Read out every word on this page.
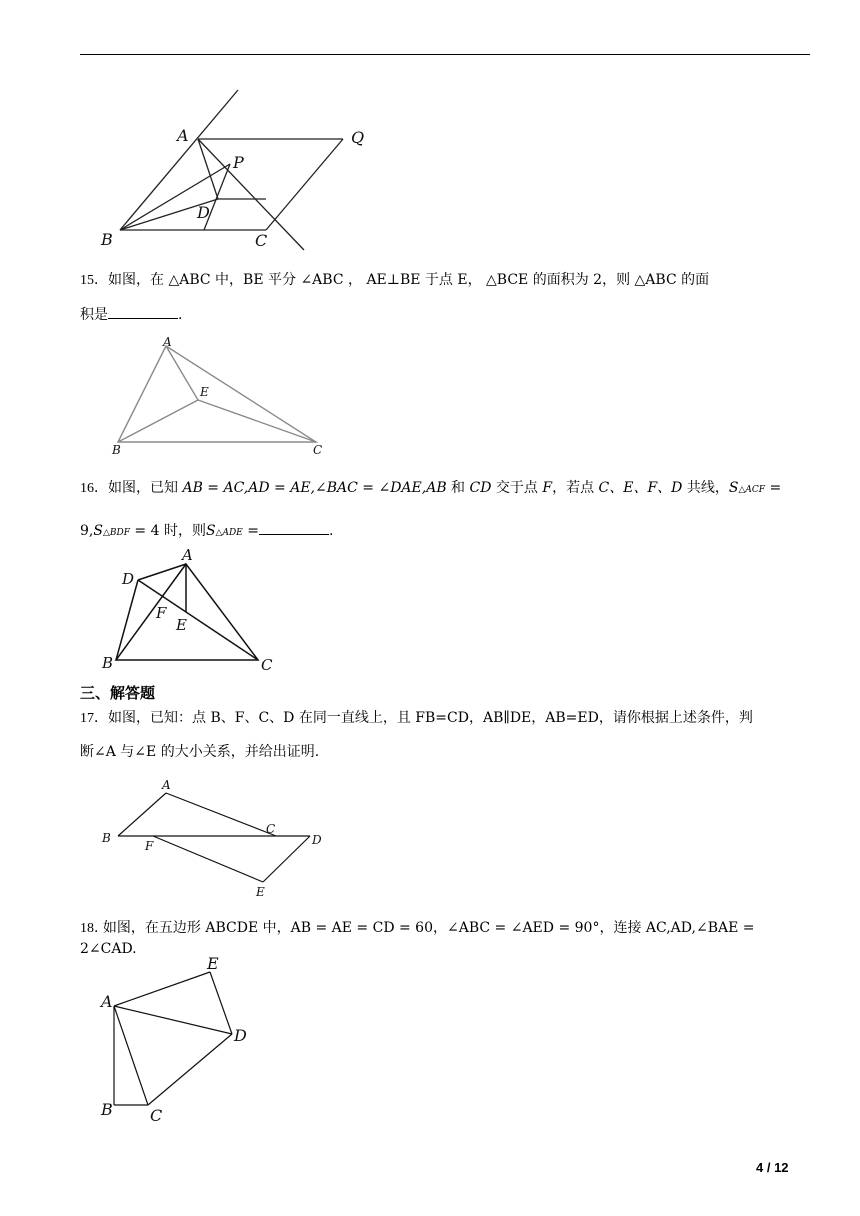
A	Q
P
D
B	C
15．如图，在 △ABC 中，BE 平分 ∠ABC ， AE⊥BE 于点 E， △BCE 的面积为 2，则 △ABC 的面
积是	.
A
E
B	C
16．如图，已知 AB = AC,AD = AE,∠BAC = ∠DAE,AB 和 CD 交于点 F，若点 C、E、F、D 共线，S△ACF =
9,S△BDF = 4 时，则S△ADE =	.
A
D
F
E
B	C
三、解答题
17．如图，已知：点 B、F、C、D 在同一直线上，且 FB=CD，AB∥DE，AB=ED，请你根据上述条件，判
断∠A 与∠E 的大小关系，并给出证明.
A
B
F
C
D
E
18. 如图，在五边形 ABCDE 中，AB = AE = CD = 60，∠ABC = ∠AED = 90°，连接 AC,AD,∠BAE = 2∠CAD.
E
A
D
B C
4 / 12
